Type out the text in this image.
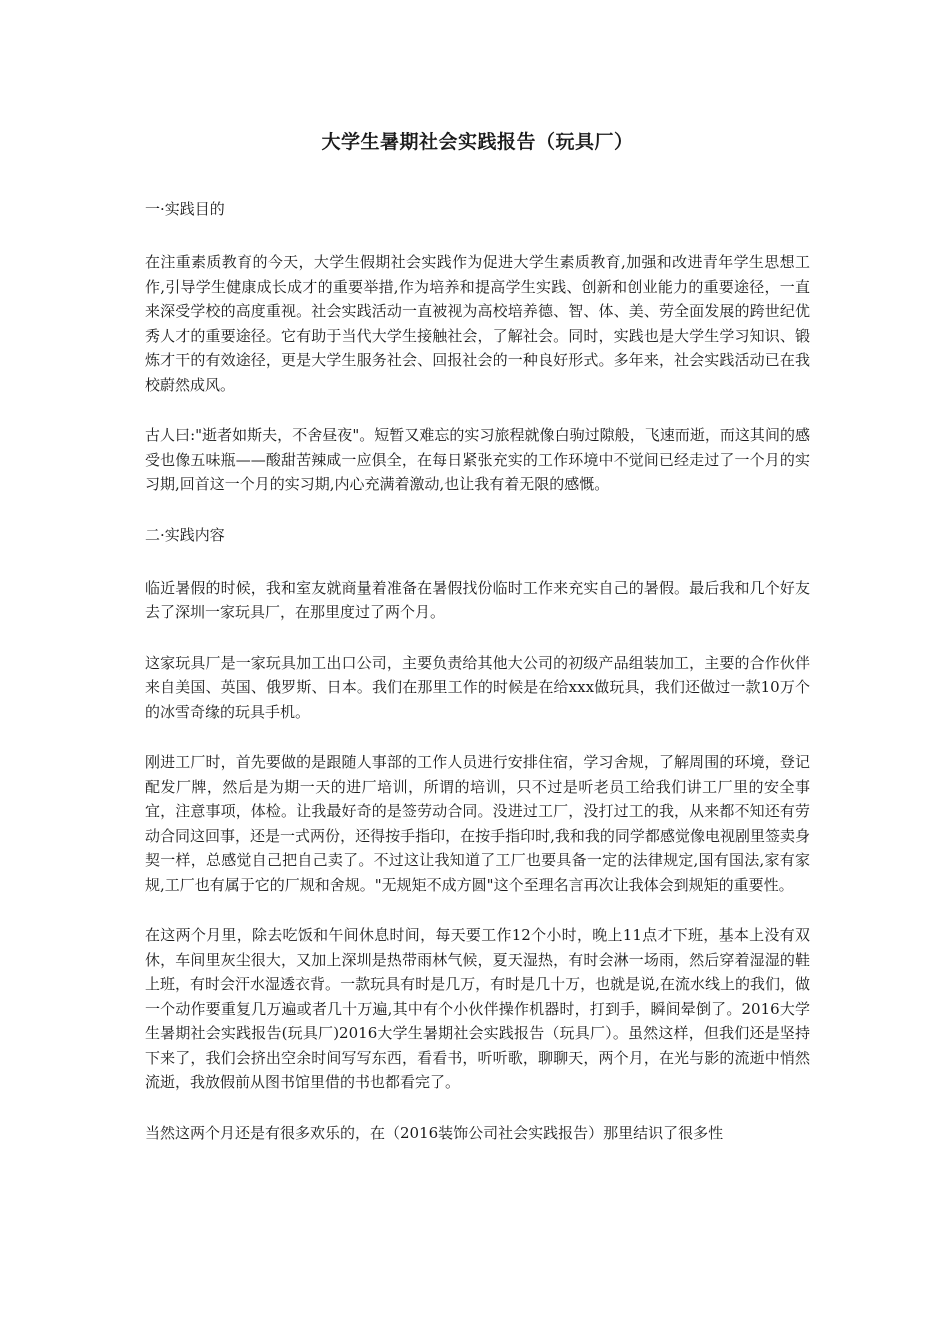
大学生暑期社会实践报告（玩具厂）
一·实践目的

在注重素质教育的今天，大学生假期社会实践作为促进大学生素质教育,加强和改进青年学生思想工作,引导学生健康成长成才的重要举措,作为培养和提高学生实践、创新和创业能力的重要途径，一直来深受学校的高度重视。社会实践活动一直被视为高校培养德、智、体、美、劳全面发展的跨世纪优秀人才的重要途径。它有助于当代大学生接触社会，了解社会。同时，实践也是大学生学习知识、锻炼才干的有效途径，更是大学生服务社会、回报社会的一种良好形式。多年来，社会实践活动已在我校蔚然成风。

古人曰:"逝者如斯夫，不舍昼夜"。短暂又难忘的实习旅程就像白驹过隙般，飞速而逝，而这其间的感受也像五味瓶——酸甜苦辣咸一应俱全，在每日紧张充实的工作环境中不觉间已经走过了一个月的实习期,回首这一个月的实习期,内心充满着激动,也让我有着无限的感慨。

二·实践内容

临近暑假的时候，我和室友就商量着准备在暑假找份临时工作来充实自己的暑假。最后我和几个好友去了深圳一家玩具厂，在那里度过了两个月。

这家玩具厂是一家玩具加工出口公司，主要负责给其他大公司的初级产品组装加工，主要的合作伙伴来自美国、英国、俄罗斯、日本。我们在那里工作的时候是在给xxx做玩具，我们还做过一款10万个的冰雪奇缘的玩具手机。

刚进工厂时，首先要做的是跟随人事部的工作人员进行安排住宿，学习舍规，了解周围的环境，登记配发厂牌，然后是为期一天的进厂培训，所谓的培训，只不过是听老员工给我们讲工厂里的安全事宜，注意事项，体检。让我最好奇的是签劳动合同。没进过工厂，没打过工的我，从来都不知还有劳动合同这回事，还是一式两份，还得按手指印，在按手指印时,我和我的同学都感觉像电视剧里签卖身契一样，总感觉自己把自己卖了。不过这让我知道了工厂也要具备一定的法律规定,国有国法,家有家规,工厂也有属于它的厂规和舍规。"无规矩不成方圆"这个至理名言再次让我体会到规矩的重要性。

在这两个月里，除去吃饭和午间休息时间，每天要工作12个小时，晚上11点才下班，基本上没有双休，车间里灰尘很大，又加上深圳是热带雨林气候，夏天湿热，有时会淋一场雨，然后穿着湿湿的鞋上班，有时会汗水湿透衣背。一款玩具有时是几万，有时是几十万，也就是说,在流水线上的我们，做一个动作要重复几万遍或者几十万遍,其中有个小伙伴操作机器时，打到手，瞬间晕倒了。2016大学生暑期社会实践报告(玩具厂)2016大学生暑期社会实践报告（玩具厂）。虽然这样，但我们还是坚持下来了，我们会挤出空余时间写写东西，看看书，听听歌，聊聊天，两个月，在光与影的流逝中悄然流逝，我放假前从图书馆里借的书也都看完了。

当然这两个月还是有很多欢乐的，在（2016装饰公司社会实践报告）那里结识了很多性
